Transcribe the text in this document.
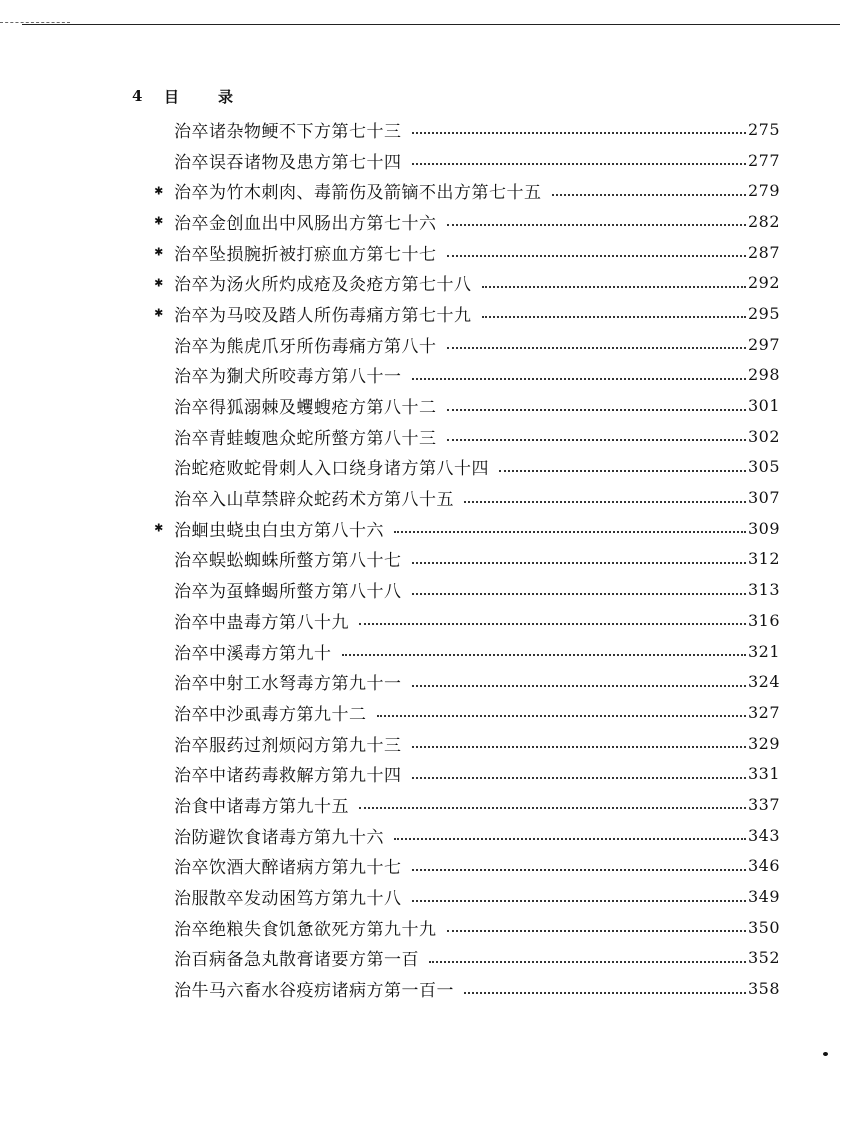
4	目	录
治卒诸杂物鲠不下方第七十三	275
治卒误吞诸物及患方第七十四	277
✱ 治卒为竹木刺肉、毒箭伤及箭镝不出方第七十五	279
✱ 治卒金创血出中风肠出方第七十六	282
✱ 治卒坠损腕折被打瘀血方第七十七	287
✱ 治卒为汤火所灼成疮及灸疮方第七十八	292
✱ 治卒为马咬及踏人所伤毒痛方第七十九	295
治卒为熊虎爪牙所伤毒痛方第八十	297
治卒为猘犬所咬毒方第八十一	298
治卒得狐溺棘及蠼螋疮方第八十二	301
治卒青蛙蝮虺众蛇所螫方第八十三	302
治蛇疮败蛇骨刺人入口绕身诸方第八十四	305
治卒入山草禁辟众蛇药术方第八十五	307
✱ 治蛔虫蛲虫白虫方第八十六	309
治卒蜈蚣蜘蛛所螫方第八十七	312
治卒为虿蜂蝎所螫方第八十八	313
治卒中蛊毒方第八十九	316
治卒中溪毒方第九十	321
治卒中射工水弩毒方第九十一	324
治卒中沙虱毒方第九十二	327
治卒服药过剂烦闷方第九十三	329
治卒中诸药毒救解方第九十四	331
治食中诸毒方第九十五	337
治防避饮食诸毒方第九十六	343
治卒饮酒大醉诸病方第九十七	346
治服散卒发动困笃方第九十八	349
治卒绝粮失食饥惫欲死方第九十九	350
治百病备急丸散膏诸要方第一百	352
治牛马六畜水谷疫疠诸病方第一百一	358
